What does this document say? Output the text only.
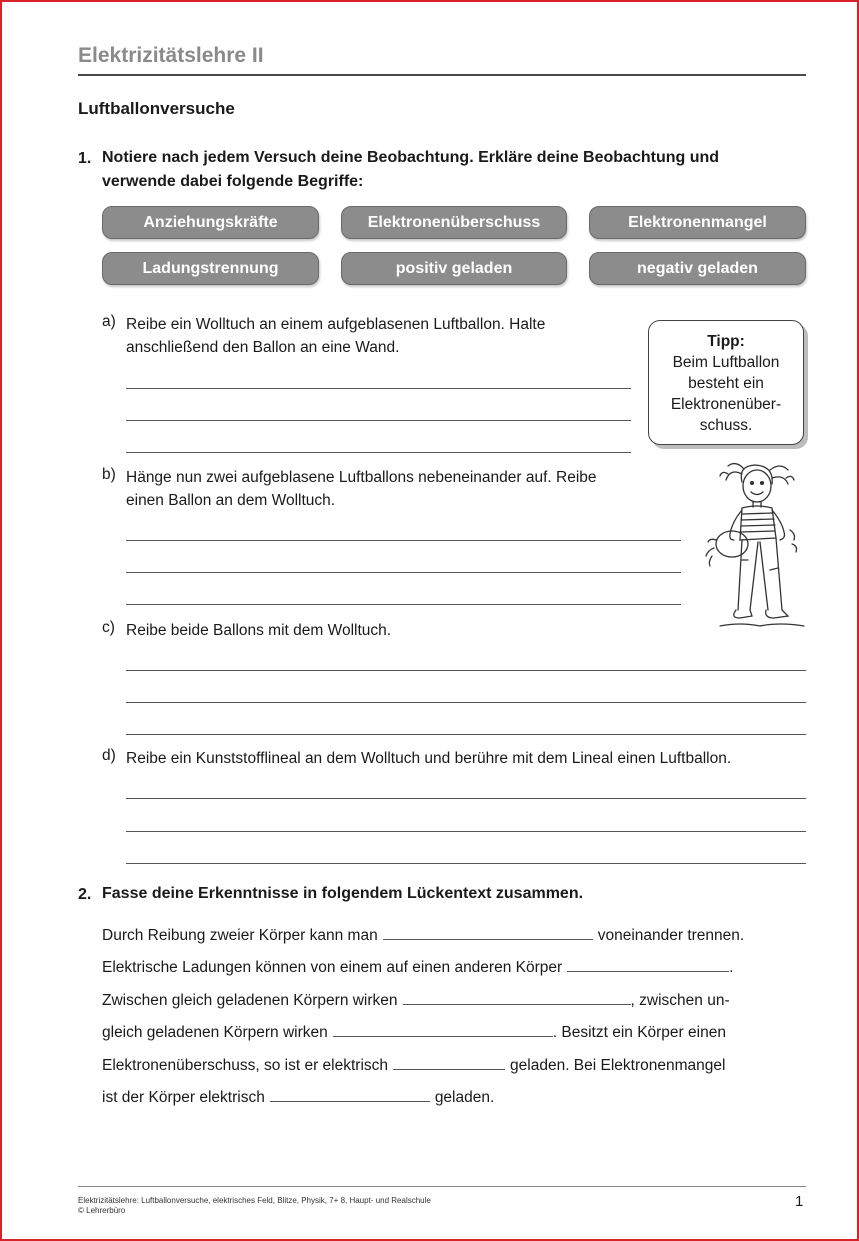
Elektrizitätslehre II
Luftballonversuche
1. Notiere nach jedem Versuch deine Beobachtung. Erkläre deine Beobachtung und
verwende dabei folgende Begriffe:
Anziehungskräfte	Elektronenüberschuss	Elektronenmangel
Ladungstrennung	positiv geladen	negativ geladen
a) Reibe ein Wolltuch an einem aufgeblasenen Luftballon. Halte
anschließend den Ballon an eine Wand.	Tipp:
Beim Luftballon
besteht ein
Elektronenüber-
schuss.
b) Hänge nun zwei aufgeblasene Luftballons nebeneinander auf. Reibe
einen Ballon an dem Wolltuch.
c) Reibe beide Ballons mit dem Wolltuch.
d) Reibe ein Kunststofflineal an dem Wolltuch und berühre mit dem Lineal einen Luftballon.
2. Fasse deine Erkenntnisse in folgendem Lückentext zusammen.
Durch Reibung zweier Körper kann man	voneinander trennen.
Elektrische Ladungen können von einem auf einen anderen Körper	.
Zwischen gleich geladenen Körpern wirken	, zwischen un-
gleich geladenen Körpern wirken	. Besitzt ein Körper einen
Elektronenüberschuss, so ist er elektrisch	geladen. Bei Elektronenmangel
ist der Körper elektrisch	geladen.
Elektrizitätslehre: Luftballonversuche, elektrisches Feld, Blitze, Physik, 7+ 8, Haupt- und Realschule
© Lehrerbüro
1
